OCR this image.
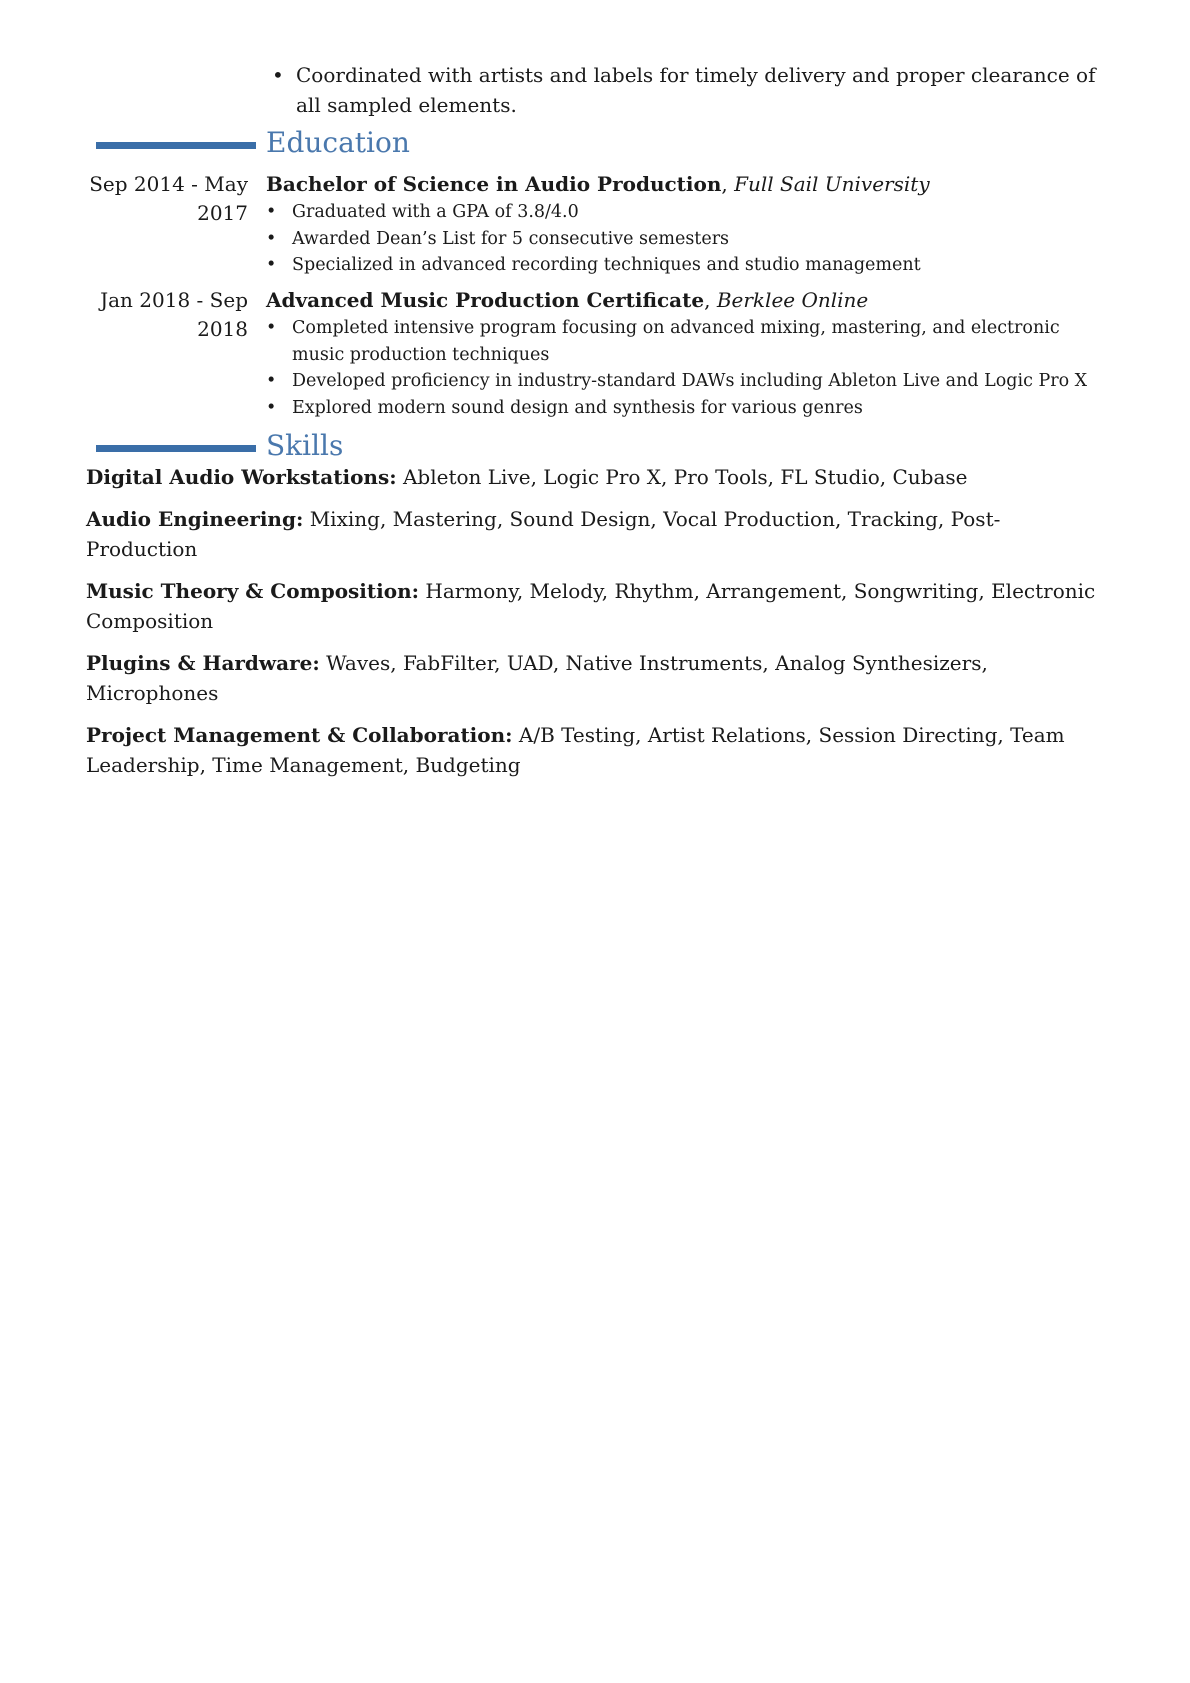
• Coordinated with artists and labels for timely delivery and proper clearance of all sampled elements.
Education
Sep 2014 - May
2017
Bachelor of Science in Audio Production, Full Sail University
• Graduated with a GPA of 3.8/4.0
• Awarded Dean’s List for 5 consecutive semesters
• Specialized in advanced recording techniques and studio management
Jan 2018 - Sep
2018
Advanced Music Production Certificate, Berklee Online
• Completed intensive program focusing on advanced mixing, mastering, and electronic music production techniques
• Developed proficiency in industry-standard DAWs including Ableton Live and Logic Pro X
• Explored modern sound design and synthesis for various genres
Skills

Digital Audio Workstations: Ableton Live, Logic Pro X, Pro Tools, FL Studio, Cubase

Audio Engineering: Mixing, Mastering, Sound Design, Vocal Production, Tracking, Post-Production

Music Theory & Composition: Harmony, Melody, Rhythm, Arrangement, Songwriting, Electronic Composition

Plugins & Hardware: Waves, FabFilter, UAD, Native Instruments, Analog Synthesizers, Microphones

Project Management & Collaboration: A/B Testing, Artist Relations, Session Directing, Team Leadership, Time Management, Budgeting
